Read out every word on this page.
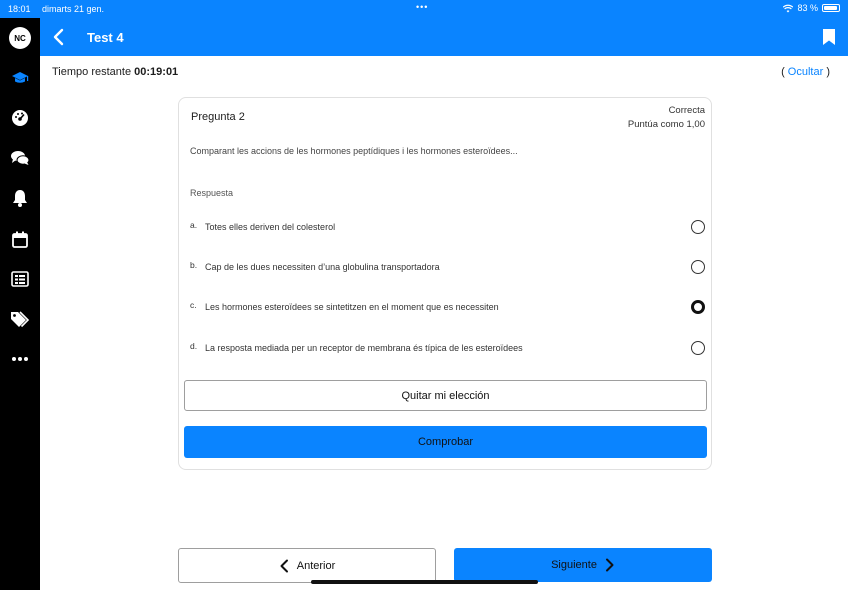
18:01 dimarts 21 gen.	•••	83 %
NC	Test 4
Tiempo restante 00:19:01	( Ocultar )
Pregunta 2
Correcta
Puntúa como 1,00
Comparant les accions de les hormones peptídiques i les hormones esteroïdees...
Respuesta
a. Totes elles deriven del colesterol
b. Cap de les dues necessiten d’una globulina transportadora
c. Les hormones esteroïdees se sintetitzen en el moment que es necessiten
d. La resposta mediada per un receptor de membrana és típica de les esteroïdees
Quitar mi elección
Comprobar
Anterior	Siguiente
